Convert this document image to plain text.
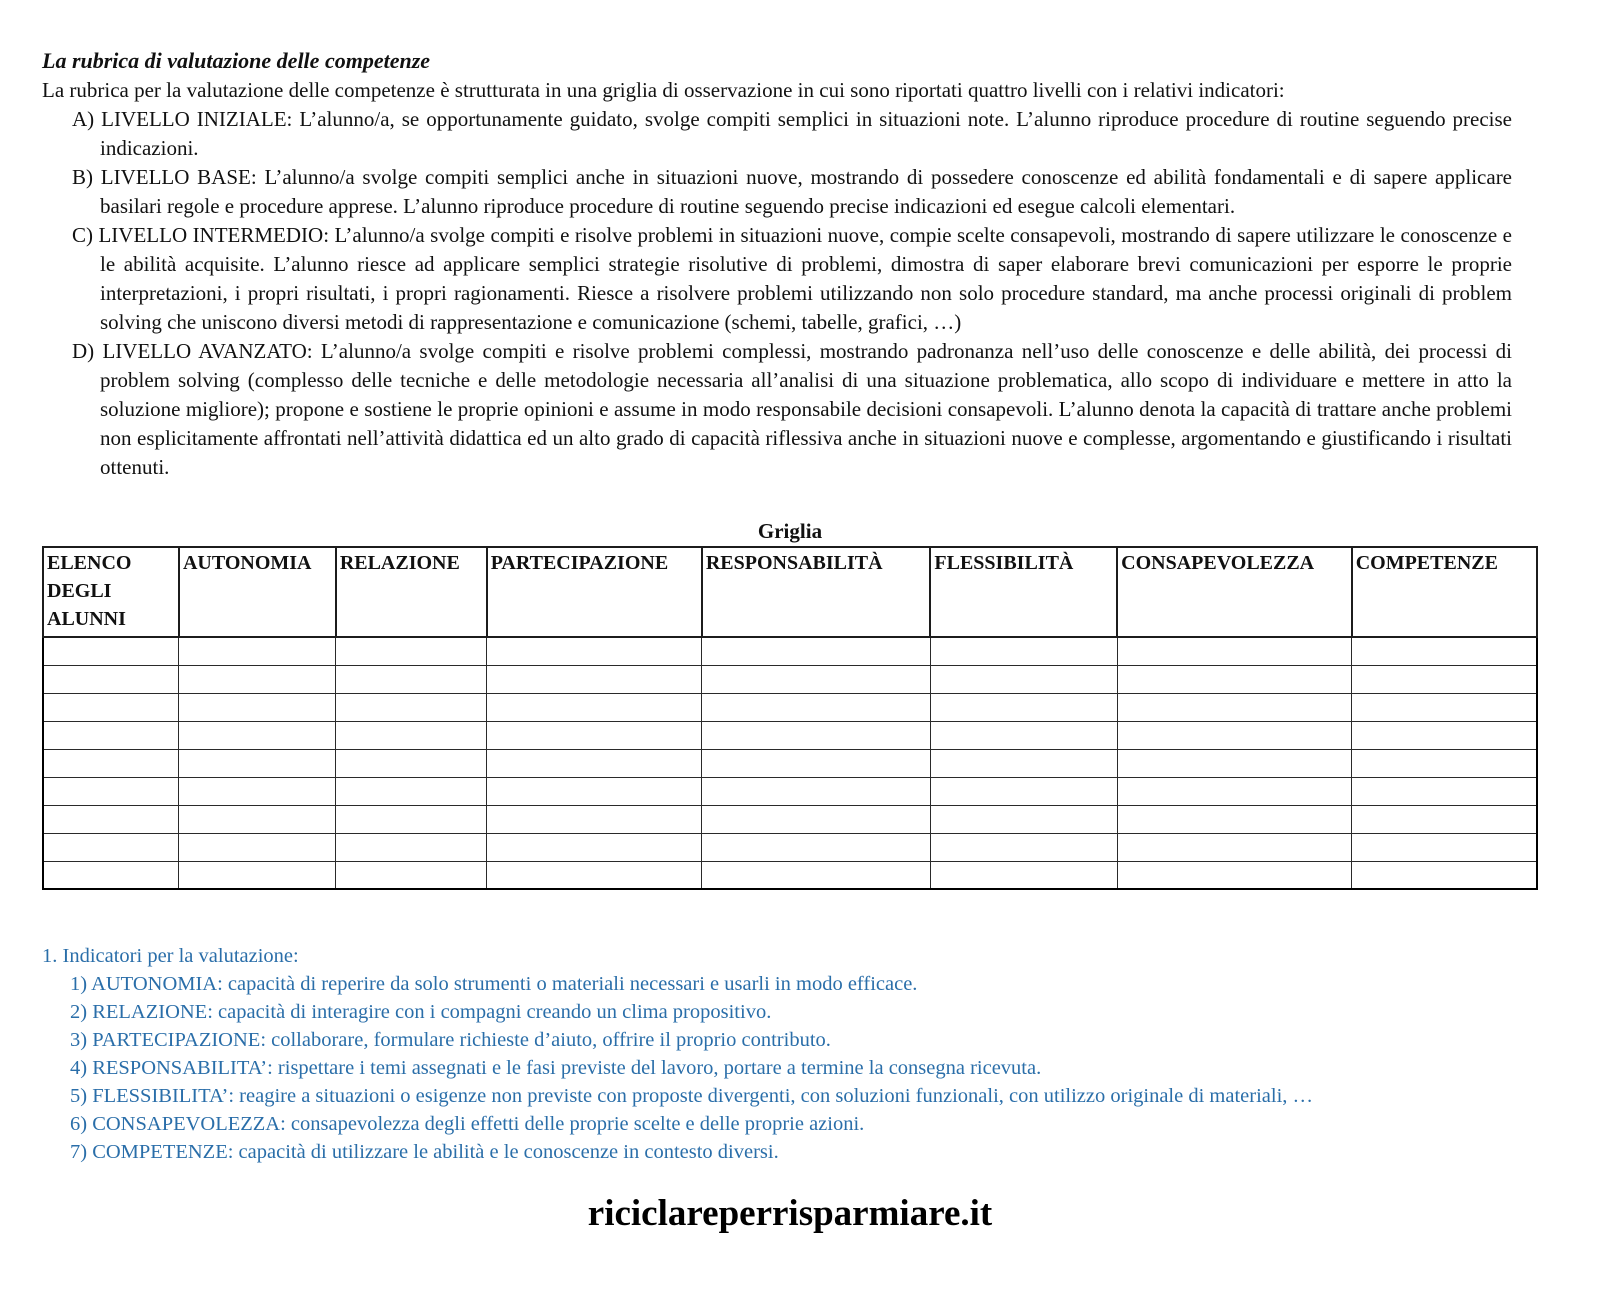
La rubrica di valutazione delle competenze

La rubrica per la valutazione delle competenze è strutturata in una griglia di osservazione in cui sono riportati quattro livelli con i relativi indicatori:

A) LIVELLO INIZIALE: L’alunno/a, se opportunamente guidato, svolge compiti semplici in situazioni note. L’alunno riproduce procedure di routine seguendo precise indicazioni.

B) LIVELLO BASE: L’alunno/a svolge compiti semplici anche in situazioni nuove, mostrando di possedere conoscenze ed abilità fondamentali e di sapere applicare basilari regole e procedure apprese. L’alunno riproduce procedure di routine seguendo precise indicazioni ed esegue calcoli elementari.

C) LIVELLO INTERMEDIO: L’alunno/a svolge compiti e risolve problemi in situazioni nuove, compie scelte consapevoli, mostrando di sapere utilizzare le conoscenze e le abilità acquisite. L’alunno riesce ad applicare semplici strategie risolutive di problemi, dimostra di saper elaborare brevi comunicazioni per esporre le proprie interpretazioni, i propri risultati, i propri ragionamenti. Riesce a risolvere problemi utilizzando non solo procedure standard, ma anche processi originali di problem solving che uniscono diversi metodi di rappresentazione e comunicazione (schemi, tabelle, grafici, …)

D) LIVELLO AVANZATO: L’alunno/a svolge compiti e risolve problemi complessi, mostrando padronanza nell’uso delle conoscenze e delle abilità, dei processi di problem solving (complesso delle tecniche e delle metodologie necessaria all’analisi di una situazione problematica, allo scopo di individuare e mettere in atto la soluzione migliore); propone e sostiene le proprie opinioni e assume in modo responsabile decisioni consapevoli. L’alunno denota la capacità di trattare anche problemi non esplicitamente affrontati nell’attività didattica ed un alto grado di capacità riflessiva anche in situazioni nuove e complesse, argomentando e giustificando i risultati ottenuti.

Griglia
ELENCO DEGLI ALUNNI	AUTONOMIA	RELAZIONE	PARTECIPAZIONE	RESPONSABILITÀ	FLESSIBILITÀ	CONSAPEVOLEZZA	COMPETENZE

1. Indicatori per la valutazione:

1) AUTONOMIA: capacità di reperire da solo strumenti o materiali necessari e usarli in modo efficace.

2) RELAZIONE: capacità di interagire con i compagni creando un clima propositivo.

3) PARTECIPAZIONE: collaborare, formulare richieste d’aiuto, offrire il proprio contributo.

4) RESPONSABILITA’: rispettare i temi assegnati e le fasi previste del lavoro, portare a termine la consegna ricevuta.

5) FLESSIBILITA’: reagire a situazioni o esigenze non previste con proposte divergenti, con soluzioni funzionali, con utilizzo originale di materiali, …

6) CONSAPEVOLEZZA: consapevolezza degli effetti delle proprie scelte e delle proprie azioni.

7) COMPETENZE: capacità di utilizzare le abilità e le conoscenze in contesto diversi.

riciclareperrisparmiare.it
